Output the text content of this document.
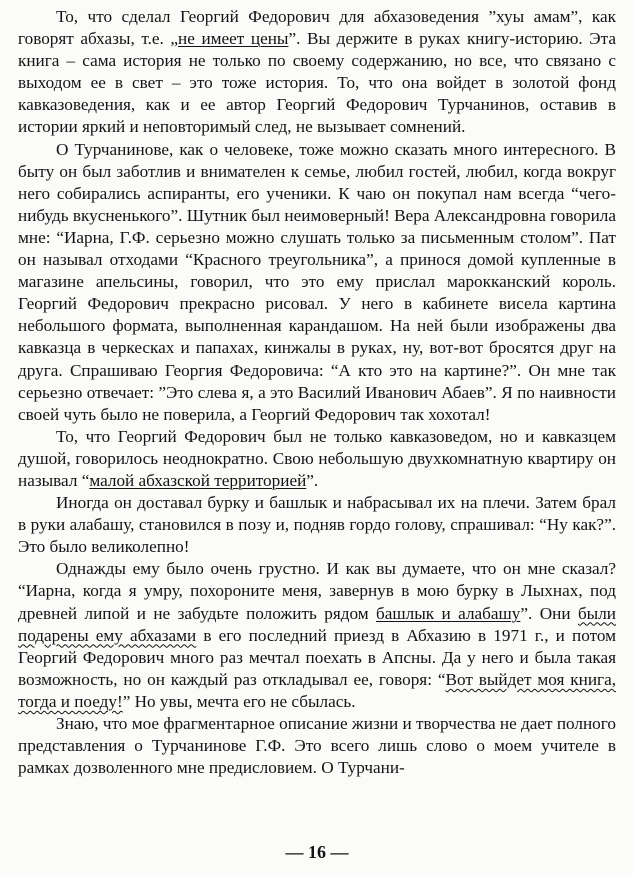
То, что сделал Георгий Федорович для абхазоведения ”хуы амам”, как говорят абхазы, т.е. „не имеет цены”. Вы держите в руках книгу-историю. Эта книга – сама история не только по своему содержанию, но все, что связано с выходом ее в свет – это тоже история. То, что она войдет в золотой фонд кавказоведения, как и ее автор Георгий Федорович Турчанинов, оставив в истории яркий и неповторимый след, не вызывает сомнений.

О Турчанинове, как о человеке, тоже можно сказать много интересного. В быту он был заботлив и внимателен к семье, любил гостей, любил, когда вокруг него собирались аспиранты, его ученики. К чаю он покупал нам всегда “чего-нибудь вкусненького”. Шутник был неимоверный! Вера Александровна говорила мне: “Иарна, Г.Ф. серьезно можно слушать только за письменным столом”. Пат он называл отходами “Красного треугольника”, а принося домой купленные в магазине апельсины, говорил, что это ему прислал марокканский король. Георгий Федорович прекрасно рисовал. У него в кабинете висела картина небольшого формата, выполненная карандашом. На ней были изображены два кавказца в черкесках и папахах, кинжалы в руках, ну, вот-вот бросятся друг на друга. Спрашиваю Георгия Федоровича: “А кто это на картине?”. Он мне так серьезно отвечает: ”Это слева я, а это Василий Иванович Абаев”. Я по наивности своей чуть было не поверила, а Георгий Федорович так хохотал!

То, что Георгий Федорович был не только кавказоведом, но и кавказцем душой, говорилось неоднократно. Свою небольшую двухкомнатную квартиру он называл “малой абхазской территорией”.

Иногда он доставал бурку и башлык и набрасывал их на плечи. Затем брал в руки алабашу, становился в позу и, подняв гордо голову, спрашивал: “Ну как?”. Это было великолепно!

Однажды ему было очень грустно. И как вы думаете, что он мне сказал? “Иарна, когда я умру, похороните меня, завернув в мою бурку в Лыхнах, под древней липой и не забудьте положить рядом башлык и алабашу”. Они были подарены ему абхазами в его последний приезд в Абхазию в 1971 г., и потом Георгий Федорович много раз мечтал поехать в Апсны. Да у него и была такая возможность, но он каждый раз откладывал ее, говоря: “Вот выйдет моя книга, тогда и поеду!” Но увы, мечта его не сбылась.

Знаю, что мое фрагментарное описание жизни и творчества не дает полного представления о Турчанинове Г.Ф. Это всего лишь слово о моем учителе в рамках дозволенного мне предисловием. О Турчани-

— 16 —
